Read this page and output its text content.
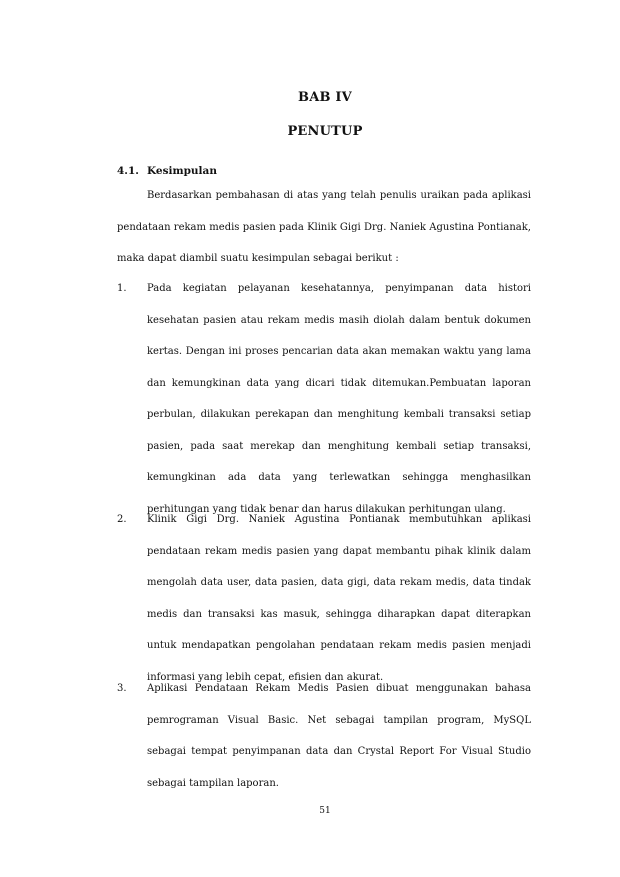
BAB IV
PENUTUP
4.1. Kesimpulan
Berdasarkan pembahasan di atas yang telah penulis uraikan pada aplikasi pendataan rekam medis pasien pada Klinik Gigi Drg. Naniek Agustina Pontianak, maka dapat diambil suatu kesimpulan sebagai berikut :
1. Pada kegiatan pelayanan kesehatannya, penyimpanan data histori kesehatan pasien atau rekam medis masih diolah dalam bentuk dokumen kertas. Dengan ini proses pencarian data akan memakan waktu yang lama dan kemungkinan data yang dicari tidak ditemukan.Pembuatan laporan perbulan, dilakukan perekapan dan menghitung kembali transaksi setiap pasien, pada saat merekap dan menghitung kembali setiap transaksi, kemungkinan ada data yang terlewatkan sehingga menghasilkan perhitungan yang tidak benar dan harus dilakukan perhitungan ulang.
2. Klinik Gigi Drg. Naniek Agustina Pontianak membutuhkan aplikasi pendataan rekam medis pasien yang dapat membantu pihak klinik dalam mengolah data user, data pasien, data gigi, data rekam medis, data tindak medis dan transaksi kas masuk, sehingga diharapkan dapat diterapkan untuk mendapatkan pengolahan pendataan rekam medis pasien menjadi informasi yang lebih cepat, efisien dan akurat.
3. Aplikasi Pendataan Rekam Medis Pasien dibuat menggunakan bahasa pemrograman Visual Basic. Net sebagai tampilan program, MySQL sebagai tempat penyimpanan data dan Crystal Report For Visual Studio sebagai tampilan laporan.
51
